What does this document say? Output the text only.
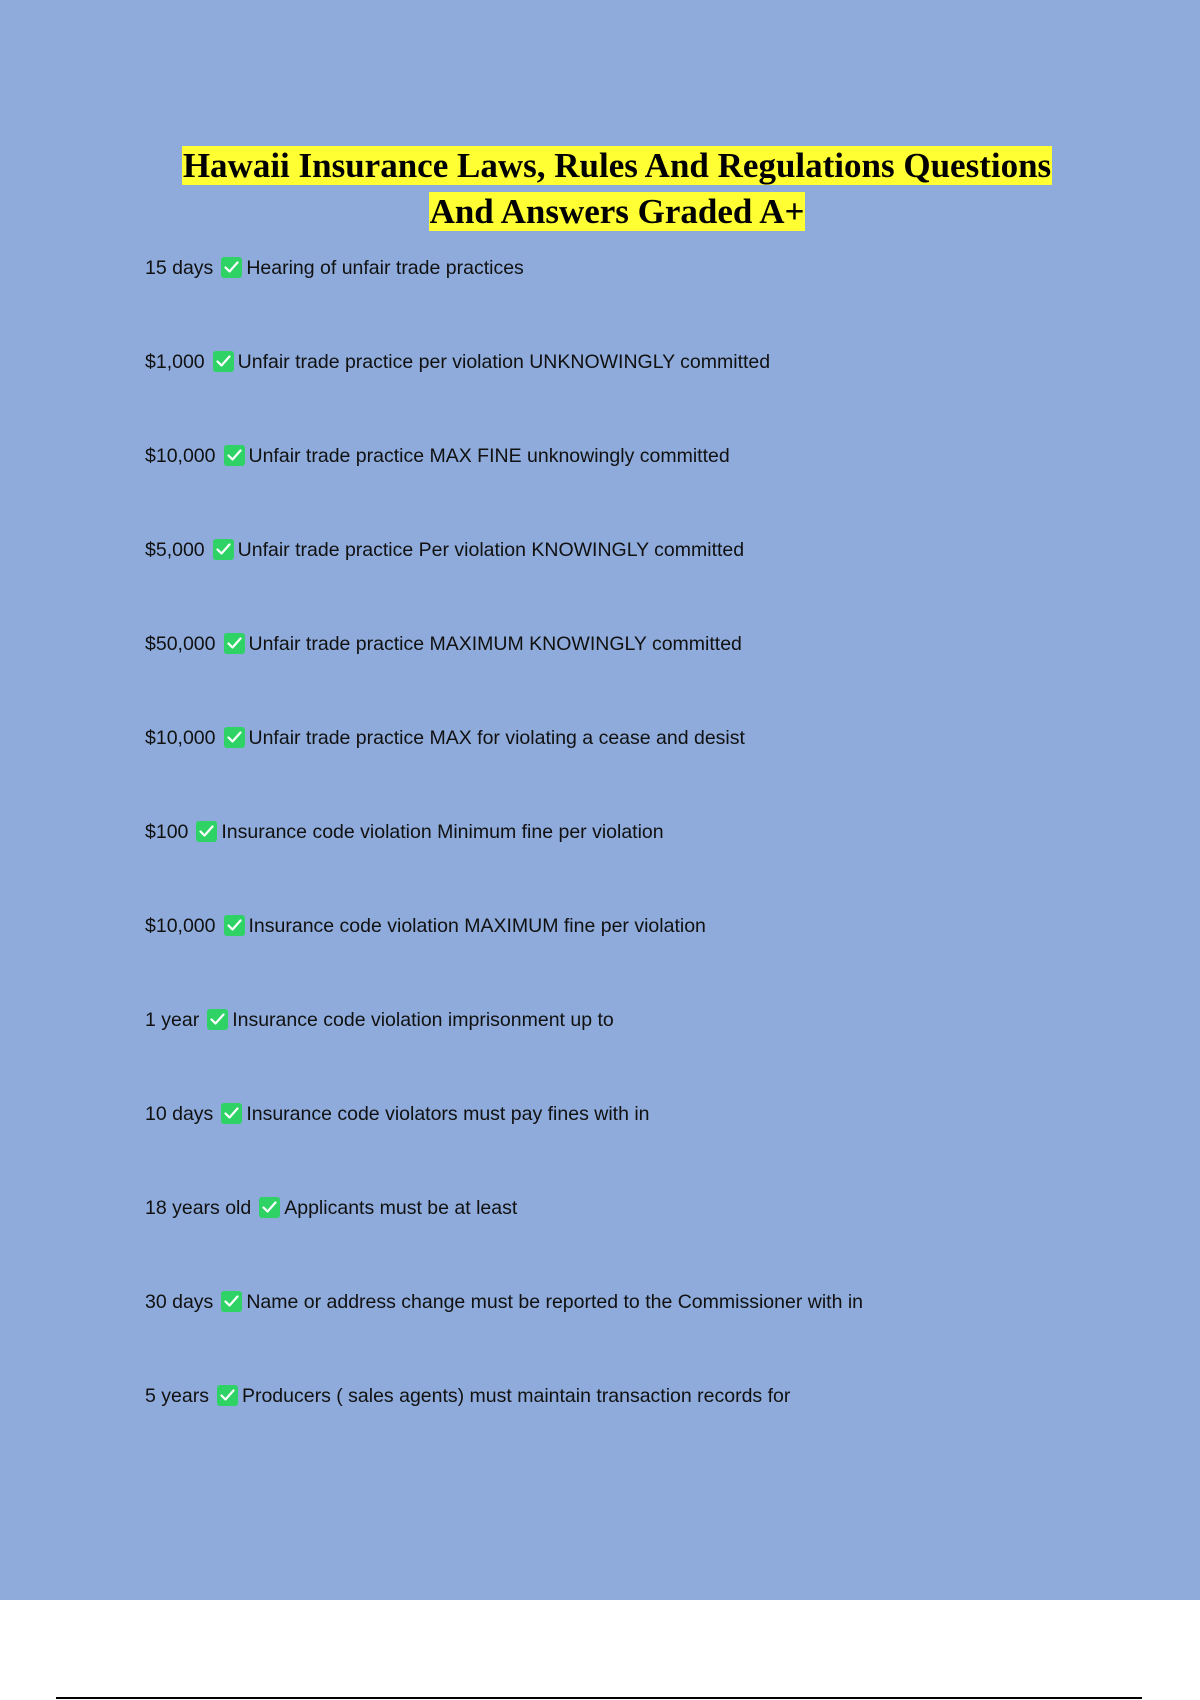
Hawaii Insurance Laws, Rules And Regulations Questions
And Answers Graded A+
15 days Hearing of unfair trade practices
$1,000 Unfair trade practice per violation UNKNOWINGLY committed
$10,000 Unfair trade practice MAX FINE unknowingly committed
$5,000 Unfair trade practice Per violation KNOWINGLY committed
$50,000 Unfair trade practice MAXIMUM KNOWINGLY committed
$10,000 Unfair trade practice MAX for violating a cease and desist
$100 Insurance code violation Minimum fine per violation
$10,000 Insurance code violation MAXIMUM fine per violation
1 year Insurance code violation imprisonment up to
10 days Insurance code violators must pay fines with in
18 years old Applicants must be at least
30 days Name or address change must be reported to the Commissioner with in
5 years Producers ( sales agents) must maintain transaction records for
